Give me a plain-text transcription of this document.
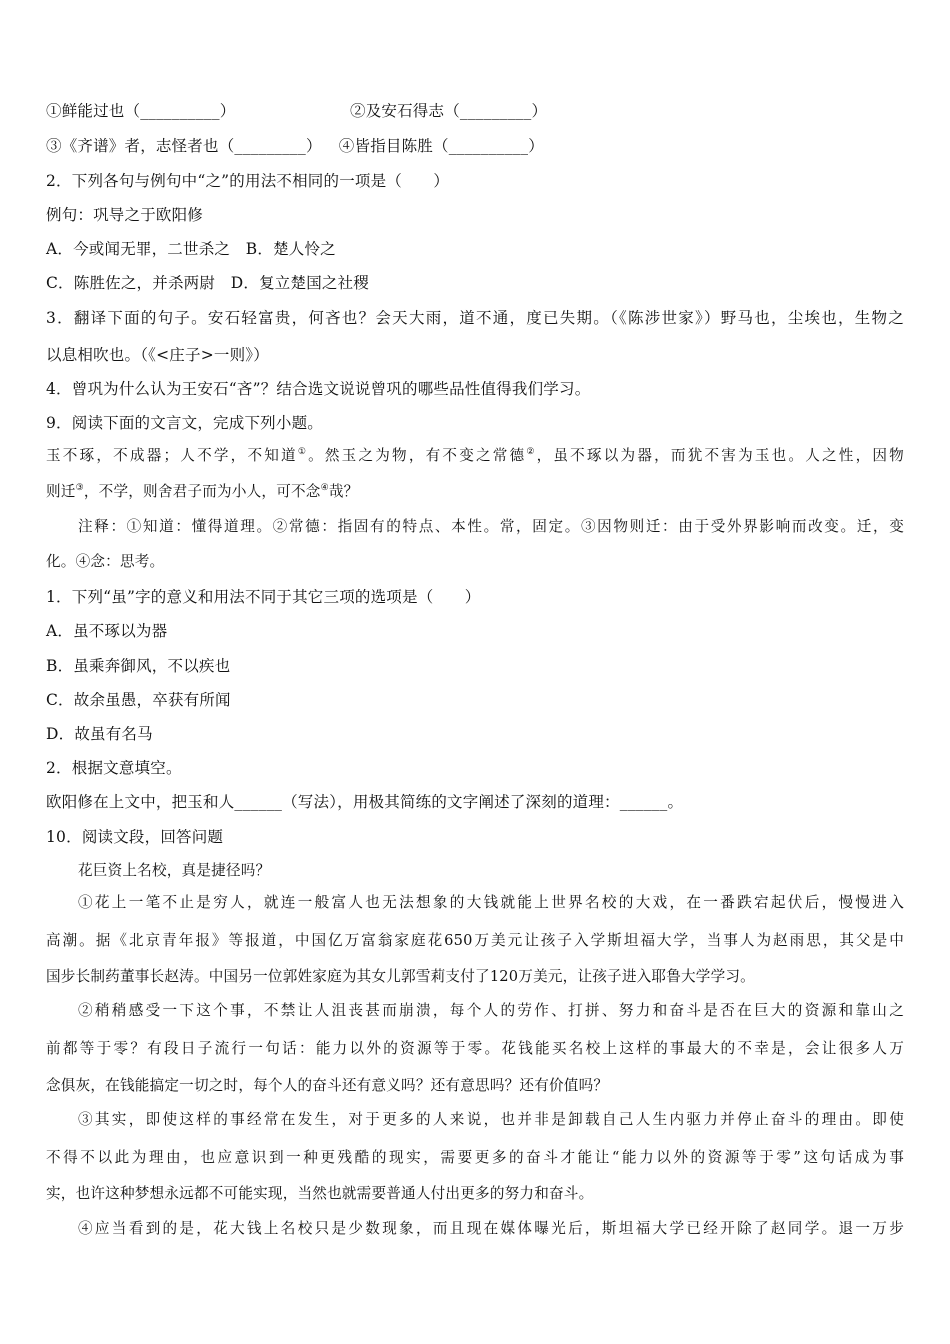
①鲜能过也（__________）	②及安石得志（_________）
③《齐谱》者，志怪者也（_________） ④皆指目陈胜（__________）
2．下列各句与例句中“之”的用法不相同的一项是（　　）
例句：巩导之于欧阳修
A．今或闻无罪，二世杀之　B．楚人怜之
C．陈胜佐之，并杀两尉　D．复立楚国之社稷
3．翻译下面的句子。安石轻富贵，何吝也？会天大雨，道不通，度已失期。（《陈涉世家》）野马也，尘埃也，生物之
以息相吹也。（《<庄子>一则》）
4．曾巩为什么认为王安石“吝”？结合选文说说曾巩的哪些品性值得我们学习。
9．阅读下面的文言文，完成下列小题。
玉不琢，不成器；人不学，不知道①。然玉之为物，有不变之常德②，虽不琢以为器，而犹不害为玉也。人之性，因物
则迁③，不学，则舍君子而为小人，可不念④哉？
注释：①知道：懂得道理。②常德：指固有的特点、本性。常，固定。③因物则迁：由于受外界影响而改变。迁，变
化。④念：思考。
1．下列“虽”字的意义和用法不同于其它三项的选项是（　　）
A．虽不琢以为器
B．虽乘奔御风，不以疾也
C．故余虽愚，卒获有所闻
D．故虽有名马
2．根据文意填空。
欧阳修在上文中，把玉和人______（写法），用极其简练的文字阐述了深刻的道理：______。
10．阅读文段，回答问题
花巨资上名校，真是捷径吗？
①花上一笔不止是穷人，就连一般富人也无法想象的大钱就能上世界名校的大戏，在一番跌宕起伏后，慢慢进入
高潮。据《北京青年报》等报道，中国亿万富翁家庭花650万美元让孩子入学斯坦福大学，当事人为赵雨思，其父是中
国步长制药董事长赵涛。中国另一位郭姓家庭为其女儿郭雪莉支付了120万美元，让孩子进入耶鲁大学学习。
②稍稍感受一下这个事，不禁让人沮丧甚而崩溃，每个人的劳作、打拼、努力和奋斗是否在巨大的资源和靠山之
前都等于零？有段日子流行一句话：能力以外的资源等于零。花钱能买名校上这样的事最大的不幸是，会让很多人万
念俱灰，在钱能搞定一切之时，每个人的奋斗还有意义吗？还有意思吗？还有价值吗？
③其实，即使这样的事经常在发生，对于更多的人来说，也并非是卸载自己人生内驱力并停止奋斗的理由。即使
不得不以此为理由，也应意识到一种更残酷的现实，需要更多的奋斗才能让“能力以外的资源等于零”这句话成为事
实，也许这种梦想永远都不可能实现，当然也就需要普通人付出更多的努力和奋斗。
④应当看到的是，花大钱上名校只是少数现象，而且现在媒体曝光后，斯坦福大学已经开除了赵同学。退一万步
